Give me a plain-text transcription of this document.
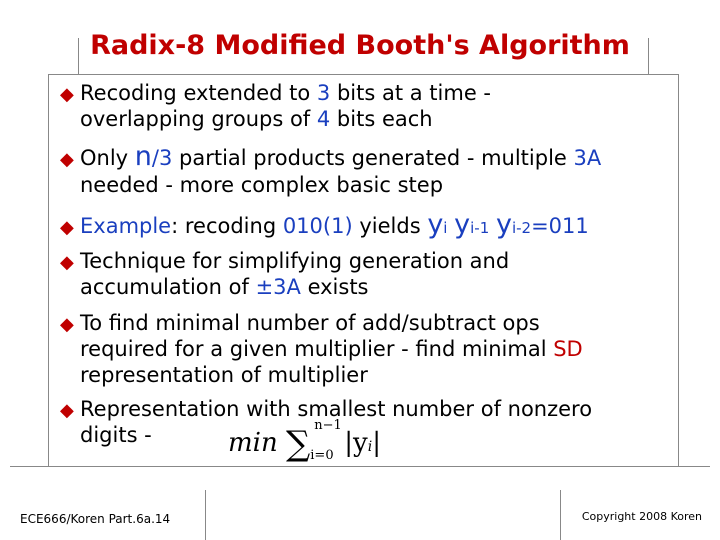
Radix-8 Modified Booth's Algorithm
◆ Recoding extended to 3 bits at a time -
overlapping groups of 4 bits each
◆ Only n/3 partial products generated - multiple 3A
needed - more complex basic step
◆ Example: recoding 010(1) yields yi yi-1 yi-2=011
◆ Technique for simplifying generation and
accumulation of ±3A exists
◆ To find minimal number of add/subtract ops
required for a given multiplier - find minimal SD
representation of multiplier
◆ Representation with smallest number of nonzero
digits -	min ∑ n−1
i=0 |yi|
ECE666/Koren Part.6a.14	Copyright 2008 Koren
